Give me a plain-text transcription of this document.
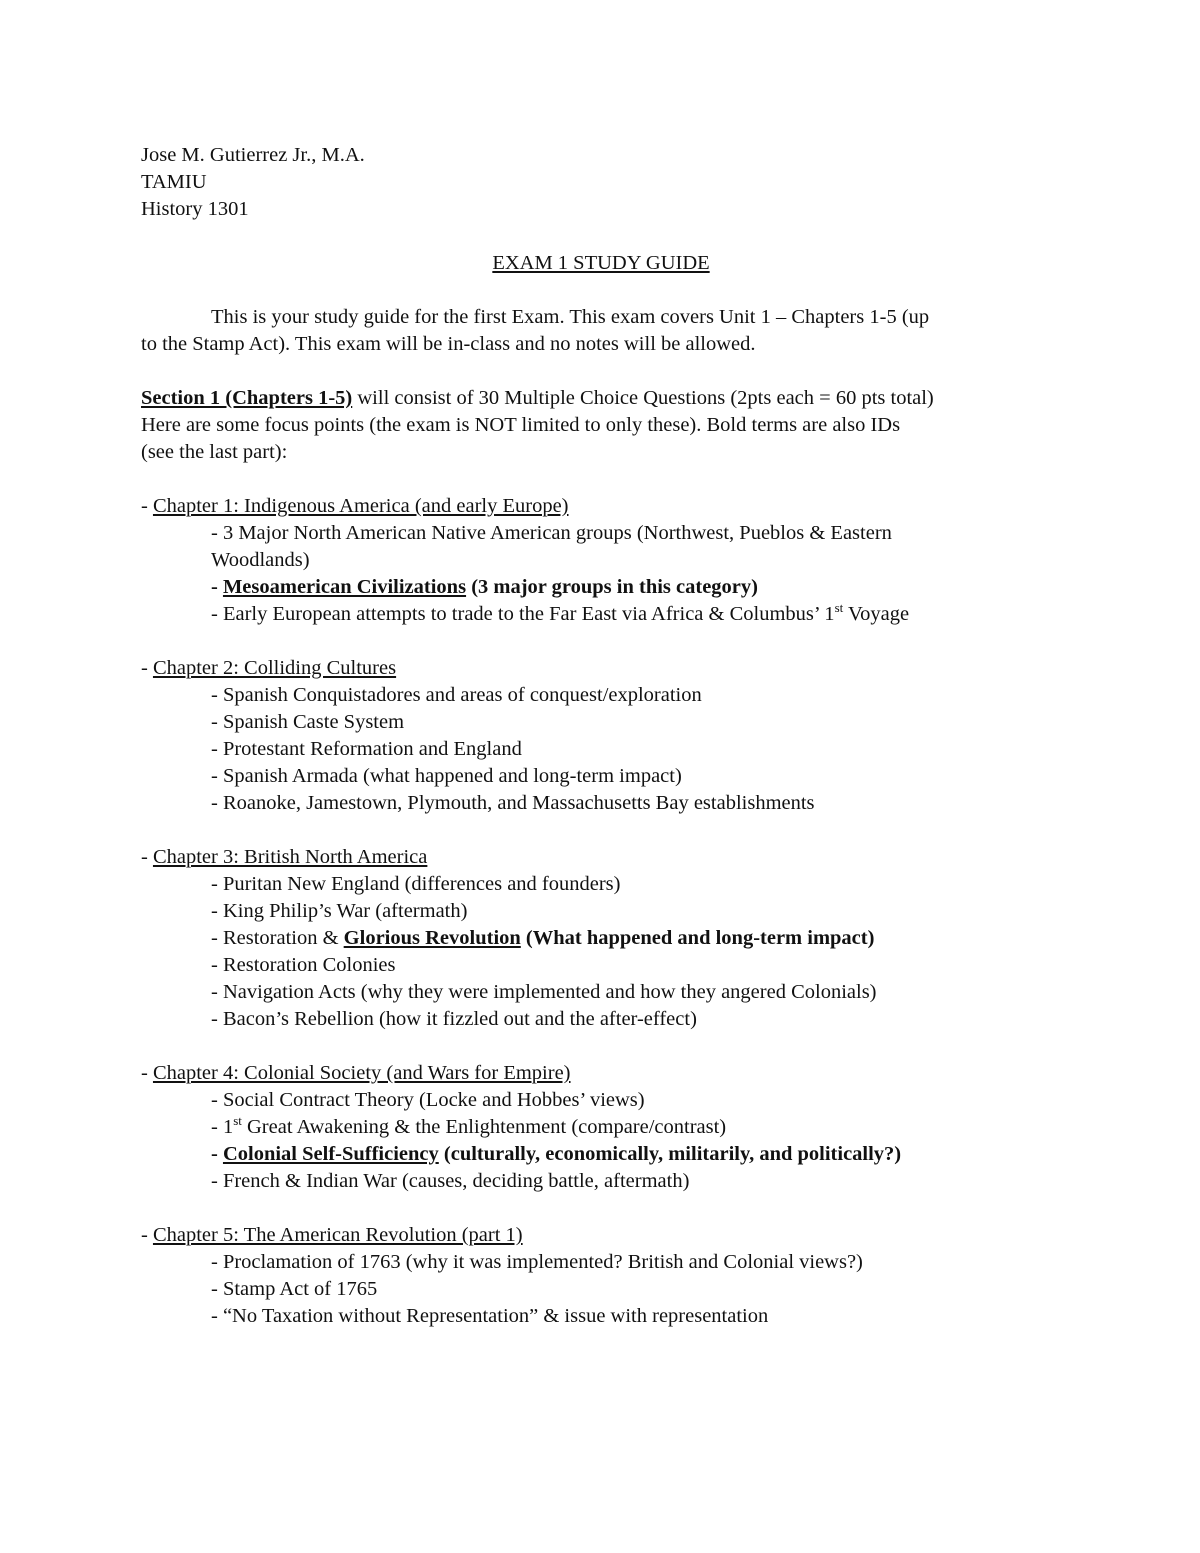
Jose M. Gutierrez Jr., M.A.
TAMIU
History 1301
EXAM 1 STUDY GUIDE
This is your study guide for the first Exam. This exam covers Unit 1 – Chapters 1-5 (up
to the Stamp Act). This exam will be in-class and no notes will be allowed.
Section 1 (Chapters 1-5) will consist of 30 Multiple Choice Questions (2pts each = 60 pts total)
Here are some focus points (the exam is NOT limited to only these). Bold terms are also IDs
(see the last part):
- Chapter 1: Indigenous America (and early Europe)
- 3 Major North American Native American groups (Northwest, Pueblos & Eastern
Woodlands)
- Mesoamerican Civilizations (3 major groups in this category)
- Early European attempts to trade to the Far East via Africa & Columbus’ 1st Voyage
- Chapter 2: Colliding Cultures
- Spanish Conquistadores and areas of conquest/exploration
- Spanish Caste System
- Protestant Reformation and England
- Spanish Armada (what happened and long-term impact)
- Roanoke, Jamestown, Plymouth, and Massachusetts Bay establishments
- Chapter 3: British North America
- Puritan New England (differences and founders)
- King Philip’s War (aftermath)
- Restoration & Glorious Revolution (What happened and long-term impact)
- Restoration Colonies
- Navigation Acts (why they were implemented and how they angered Colonials)
- Bacon’s Rebellion (how it fizzled out and the after-effect)
- Chapter 4: Colonial Society (and Wars for Empire)
- Social Contract Theory (Locke and Hobbes’ views)
- 1st Great Awakening & the Enlightenment (compare/contrast)
- Colonial Self-Sufficiency (culturally, economically, militarily, and politically?)
- French & Indian War (causes, deciding battle, aftermath)
- Chapter 5: The American Revolution (part 1)
- Proclamation of 1763 (why it was implemented? British and Colonial views?)
- Stamp Act of 1765
- “No Taxation without Representation” & issue with representation
